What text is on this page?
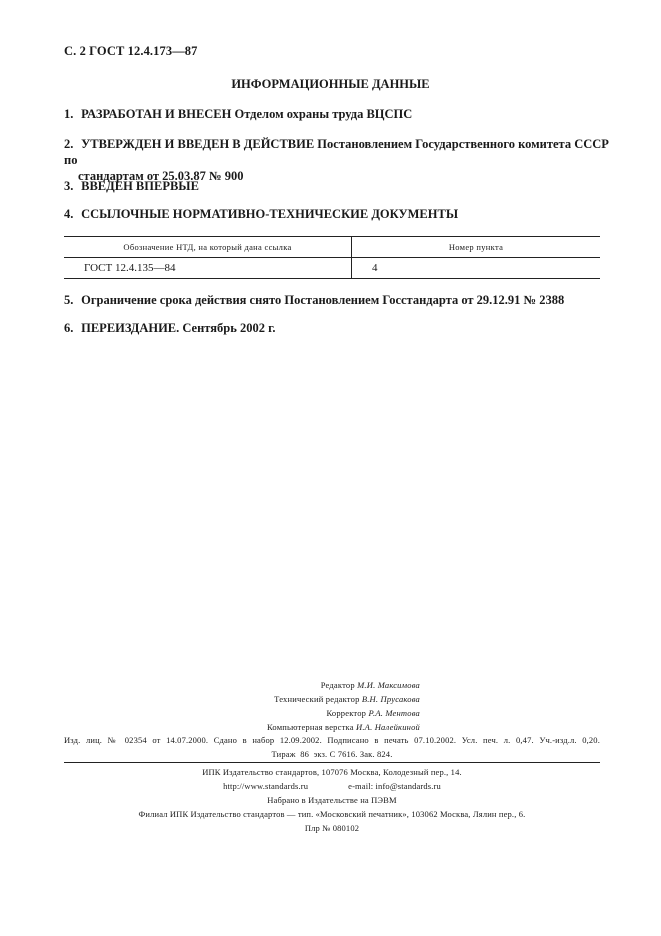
С. 2 ГОСТ 12.4.173—87
ИНФОРМАЦИОННЫЕ ДАННЫЕ
1. РАЗРАБОТАН И ВНЕСЕН Отделом охраны труда ВЦСПС
2. УТВЕРЖДЕН И ВВЕДЕН В ДЕЙСТВИЕ Постановлением Государственного комитета СССР по
стандартам от 25.03.87 № 900
3. ВВЕДЕН ВПЕРВЫЕ
4. ССЫЛОЧНЫЕ НОРМАТИВНО-ТЕХНИЧЕСКИЕ ДОКУМЕНТЫ
Обозначение НТД, на который дана ссылка	Номер пункта
ГОСТ 12.4.135—84	4
5. Ограничение срока действия снято Постановлением Госстандарта от 29.12.91 № 2388
6. ПЕРЕИЗДАНИЕ. Сентябрь 2002 г.
Редактор М.И. Максимова
Технический редактор В.Н. Прусакова
Корректор Р.А. Ментова
Компьютерная верстка И.А. Налейкиной
Изд. лиц. № 02354 от 14.07.2000. Сдано в набор 12.09.2002. Подписано в печать 07.10.2002. Усл. печ. л. 0,47. Уч.-изд.л. 0,20.
Тираж  86  экз. С 7616. Зак. 824.
ИПК Издательство стандартов, 107076 Москва, Колодезный пер., 14.
http://www.standards.ru	e-mail: info@standards.ru
Набрано в Издательстве на ПЭВМ
Филиал ИПК Издательство стандартов — тип. «Московский печатник», 103062 Москва, Лялин пер., 6.
Плр № 080102
